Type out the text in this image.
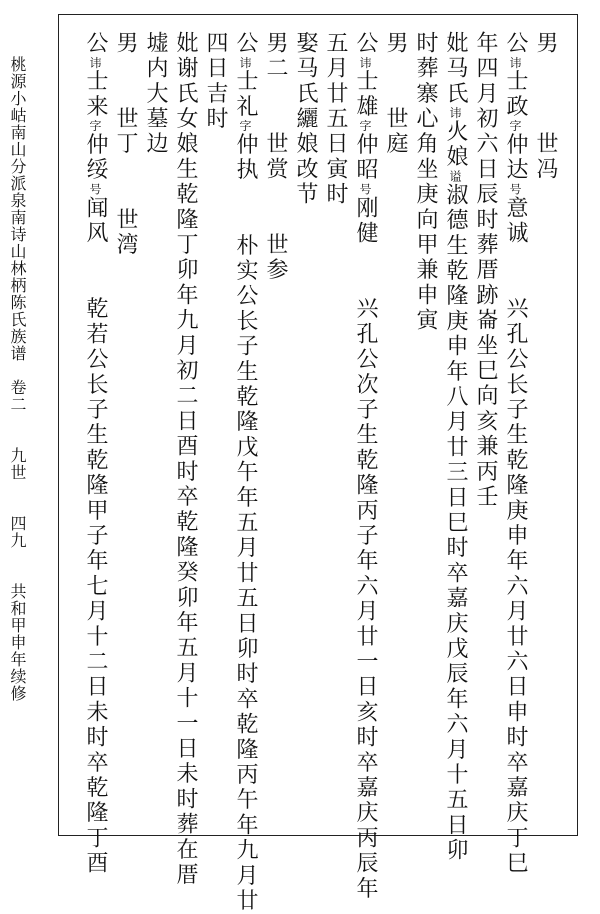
男　　　世冯
公讳士政字仲达号意诚　　兴孔公长子生乾隆庚申年六月廿六日申时卒嘉庆丁巳
年四月初六日辰时葬厝跡崙坐巳向亥兼丙壬
妣马氏讳火娘谥淑德生乾隆庚申年八月廿三日巳时卒嘉庆戊辰年六月十五日卯
时葬寨心角坐庚向甲兼申寅
男　　世庭
公讳士雄字仲昭号刚健　　兴孔公次子生乾隆丙子年六月廿一日亥时卒嘉庆丙辰年
五月廿五日寅时
娶马氏纚娘改节
男二　　世赏　　世参
公讳士礼字仲执　　朴实公长子生乾隆戊午年五月廿五日卯时卒乾隆丙午年九月廿
四日吉时
妣谢氏女娘生乾隆丁卯年九月初二日酉时卒乾隆癸卯年五月十一日未时葬在厝
墟内大墓边
男　　世丁　　世湾
公讳士来字仲绥号闻风　　乾若公长子生乾隆甲子年七月十二日未时卒乾隆丁酉
桃源小岵南山分派泉南诗山林柄陈氏族谱　卷二　　九世　　四九　　共和甲申年续修
